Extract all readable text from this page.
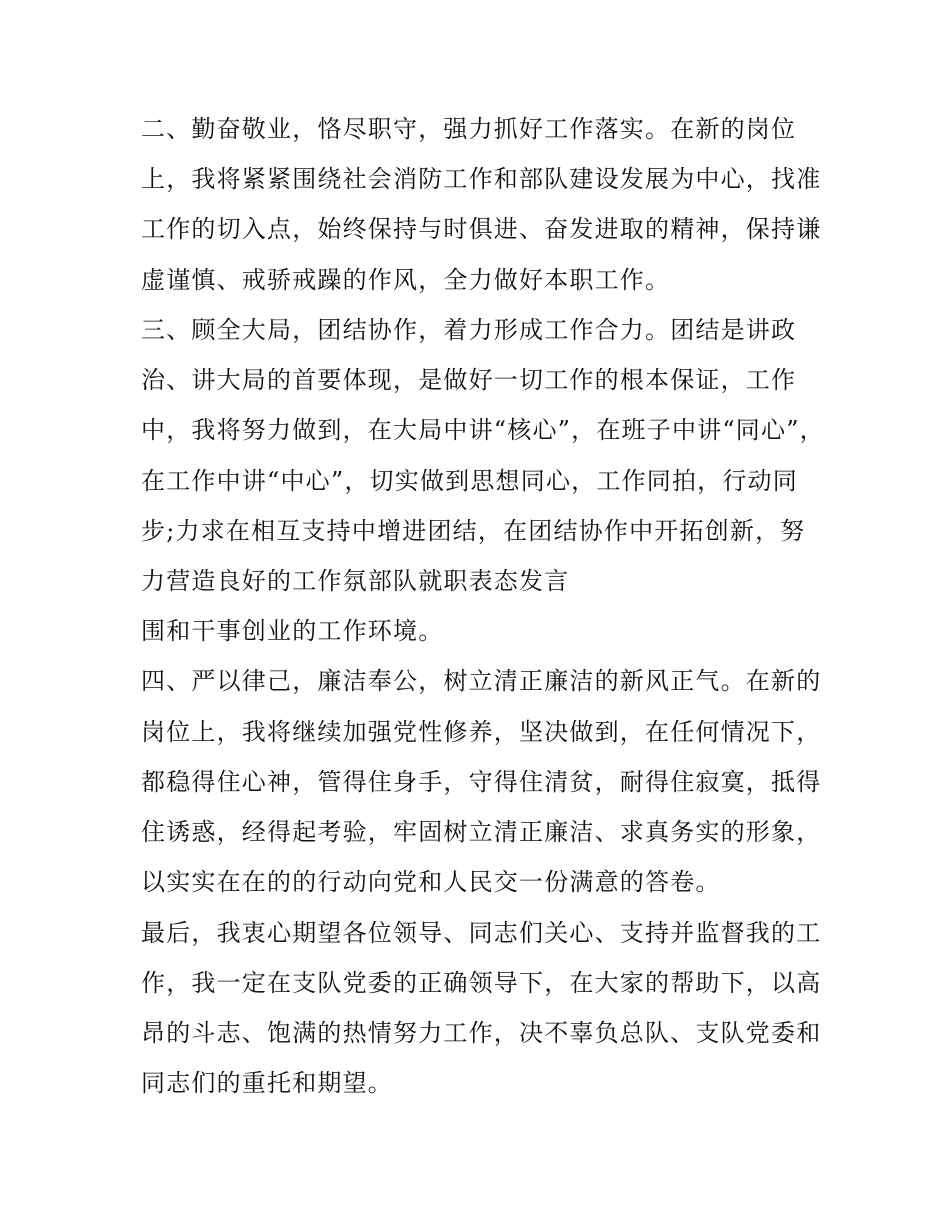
二、勤奋敬业，恪尽职守，强力抓好工作落实。在新的岗位
上，我将紧紧围绕社会消防工作和部队建设发展为中心，找准
工作的切入点，始终保持与时俱进、奋发进取的精神，保持谦
虚谨慎、戒骄戒躁的作风，全力做好本职工作。
三、顾全大局，团结协作，着力形成工作合力。团结是讲政
治、讲大局的首要体现，是做好一切工作的根本保证，工作
中，我将努力做到，在大局中讲“核心”，在班子中讲“同心”，
在工作中讲“中心”，切实做到思想同心，工作同拍，行动同
步;力求在相互支持中增进团结，在团结协作中开拓创新，努
力营造良好的工作氛部队就职表态发言
围和干事创业的工作环境。
四、严以律己，廉洁奉公，树立清正廉洁的新风正气。在新的
岗位上，我将继续加强党性修养，坚决做到，在任何情况下，
都稳得住心神，管得住身手，守得住清贫，耐得住寂寞，抵得
住诱惑，经得起考验，牢固树立清正廉洁、求真务实的形象，
以实实在在的的行动向党和人民交一份满意的答卷。
最后，我衷心期望各位领导、同志们关心、支持并监督我的工
作，我一定在支队党委的正确领导下，在大家的帮助下，以高
昂的斗志、饱满的热情努力工作，决不辜负总队、支队党委和
同志们的重托和期望。
